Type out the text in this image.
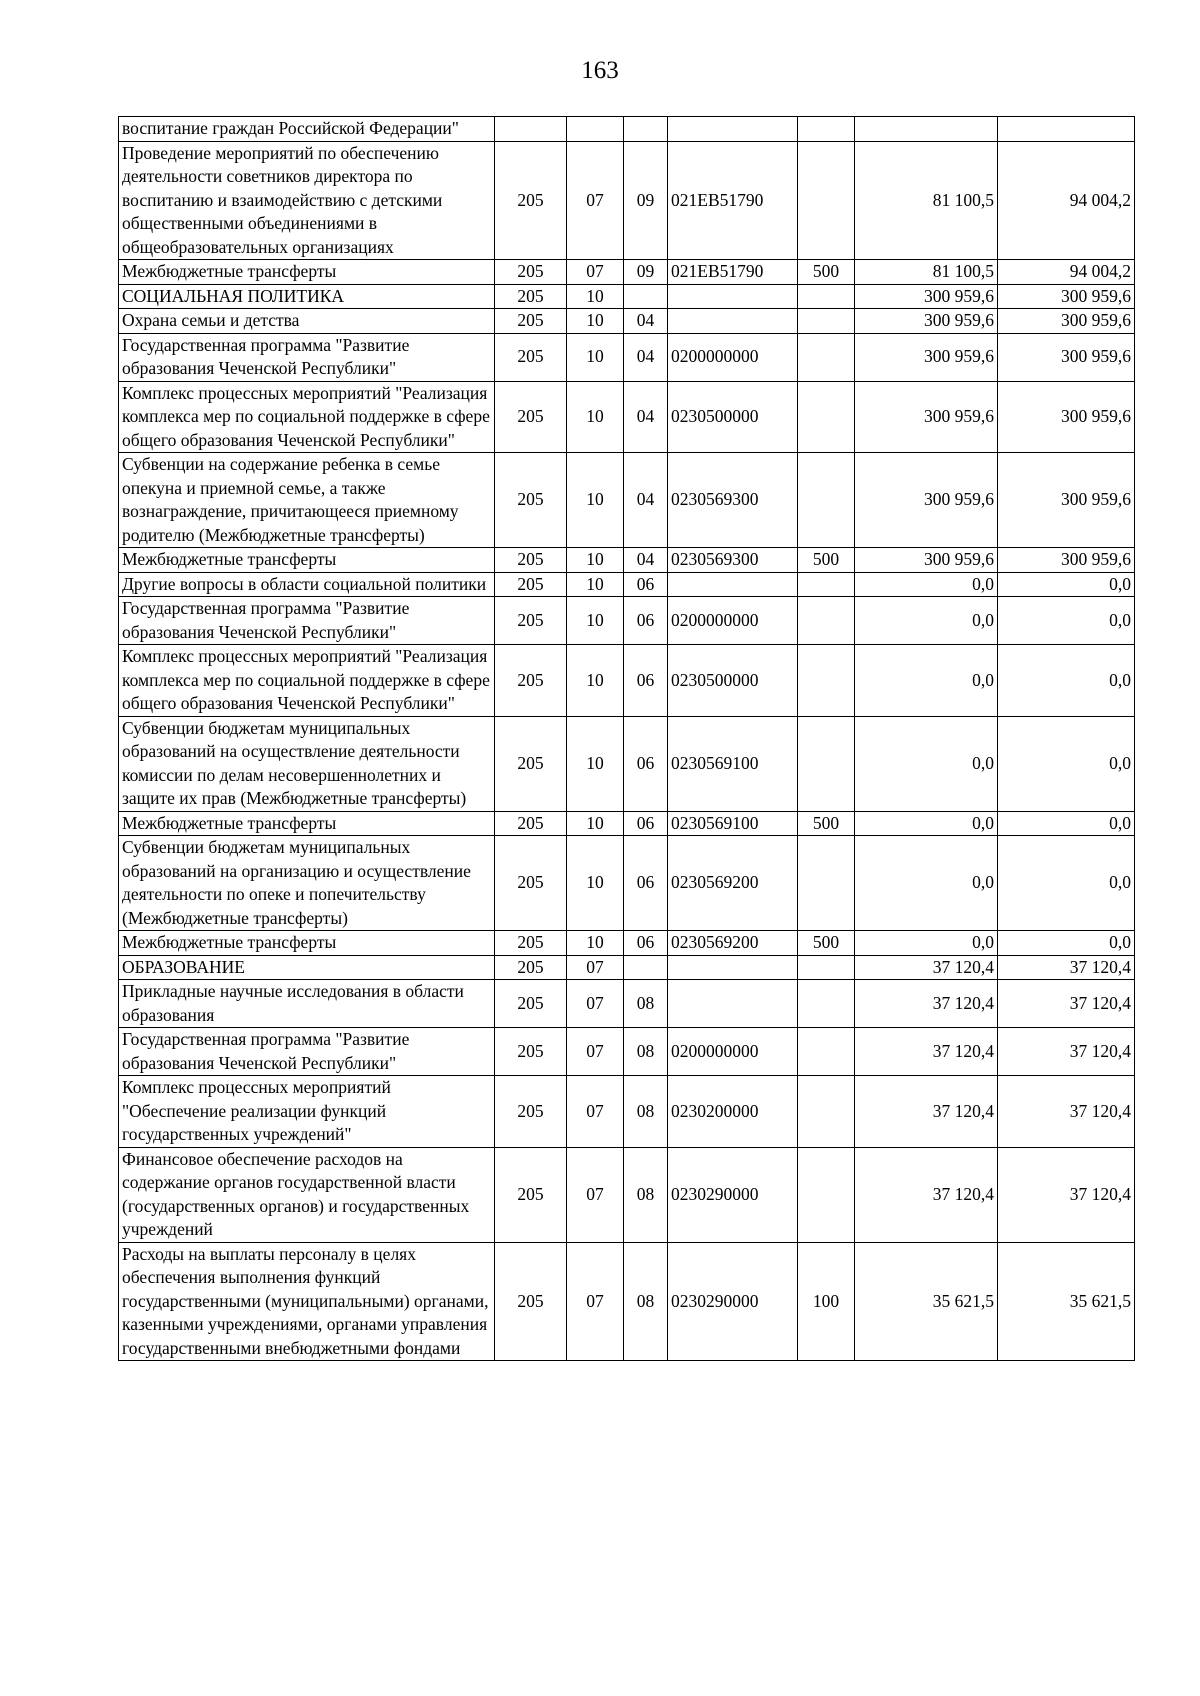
163
воспитание граждан Российской Федерации"							
Проведение мероприятий по обеспечению деятельности советников директора по воспитанию и взаимодействию с детскими общественными объединениями в общеобразовательных организациях	205	07	09	021EB51790		81 100,5	94 004,2
Межбюджетные трансферты	205	07	09	021EB51790	500	81 100,5	94 004,2
СОЦИАЛЬНАЯ ПОЛИТИКА	205	10				300 959,6	300 959,6
Охрана семьи и детства	205	10	04			300 959,6	300 959,6
Государственная программа "Развитие образования Чеченской Республики"	205	10	04	0200000000		300 959,6	300 959,6
Комплекс процессных мероприятий "Реализация комплекса мер по социальной поддержке в сфере общего образования Чеченской Республики"	205	10	04	0230500000		300 959,6	300 959,6
Субвенции на содержание ребенка в семье опекуна и приемной семье, а также вознаграждение, причитающееся приемному родителю (Межбюджетные трансферты)	205	10	04	0230569300		300 959,6	300 959,6
Межбюджетные трансферты	205	10	04	0230569300	500	300 959,6	300 959,6
Другие вопросы в области социальной политики	205	10	06			0,0	0,0
Государственная программа "Развитие образования Чеченской Республики"	205	10	06	0200000000		0,0	0,0
Комплекс процессных мероприятий "Реализация комплекса мер по социальной поддержке в сфере общего образования Чеченской Республики"	205	10	06	0230500000		0,0	0,0
Субвенции бюджетам муниципальных образований на осуществление деятельности комиссии по делам несовершеннолетних и защите их прав (Межбюджетные трансферты)	205	10	06	0230569100		0,0	0,0
Межбюджетные трансферты	205	10	06	0230569100	500	0,0	0,0
Субвенции бюджетам муниципальных образований на организацию и осуществление деятельности по опеке и попечительству (Межбюджетные трансферты)	205	10	06	0230569200		0,0	0,0
Межбюджетные трансферты	205	10	06	0230569200	500	0,0	0,0
ОБРАЗОВАНИЕ	205	07				37 120,4	37 120,4
Прикладные научные исследования в области образования	205	07	08			37 120,4	37 120,4
Государственная программа "Развитие образования Чеченской Республики"	205	07	08	0200000000		37 120,4	37 120,4
Комплекс процессных мероприятий "Обеспечение реализации функций государственных учреждений"	205	07	08	0230200000		37 120,4	37 120,4
Финансовое обеспечение расходов на содержание органов государственной власти (государственных органов) и государственных учреждений	205	07	08	0230290000		37 120,4	37 120,4
Расходы на выплаты персоналу в целях обеспечения выполнения функций государственными (муниципальными) органами, казенными учреждениями, органами управления государственными внебюджетными фондами	205	07	08	0230290000	100	35 621,5	35 621,5
